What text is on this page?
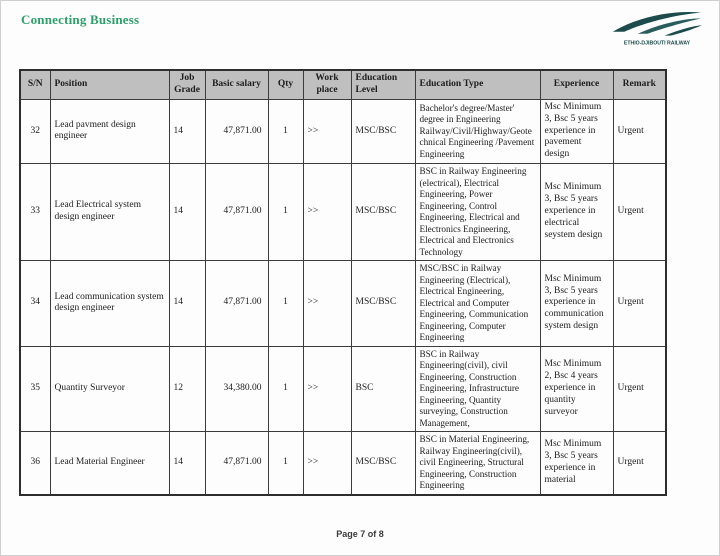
Connecting Business
ETHIO-DJIBOUTI RAILWAY
S/N	Position	Job Grade	Basic salary	Qty	Work place	Education Level	Education Type	Experience	Remark
32	Lead pavment design engineer	14	47,871.00	1	>>	MSC/BSC	Bachelor's degree/Master' degree in Engineering Railway/Civil/Highway/Geotechnical Engineering /Pavement Engineering	Msc Minimum 3, Bsc 5 years experience in pavement design	Urgent
33	Lead Electrical system design engineer	14	47,871.00	1	>>	MSC/BSC	BSC in Railway Engineering (electrical), Electrical Engineering, Power Engineering, Control Engineering, Electrical and Electronics Engineering, Electrical and Electronics Technology	Msc Minimum 3, Bsc 5 years experience in electrical seystem design	Urgent
34	Lead communication system design engineer	14	47,871.00	1	>>	MSC/BSC	MSC/BSC in Railway Engineering (Electrical), Electrical Engineering, Electrical and Computer Engineering, Communication Engineering, Computer Engineering	Msc Minimum 3, Bsc 5 years experience in communication system design	Urgent
35	Quantity Surveyor	12	34,380.00	1	>>	BSC	BSC in Railway Engineering(civil), civil Engineering, Construction Engineering, Infrastructure Engineering, Quantity surveying, Construction Management,	Msc Minimum 2, Bsc 4 years experience in quantity surveyor	Urgent
36	Lead Material Engineer	14	47,871.00	1	>>	MSC/BSC	BSC in Material Engineering, Railway Engineering(civil), civil Engineering, Structural Engineering, Construction Engineering	Msc Minimum 3, Bsc 5 years experience in material	Urgent
Page 7 of 8
